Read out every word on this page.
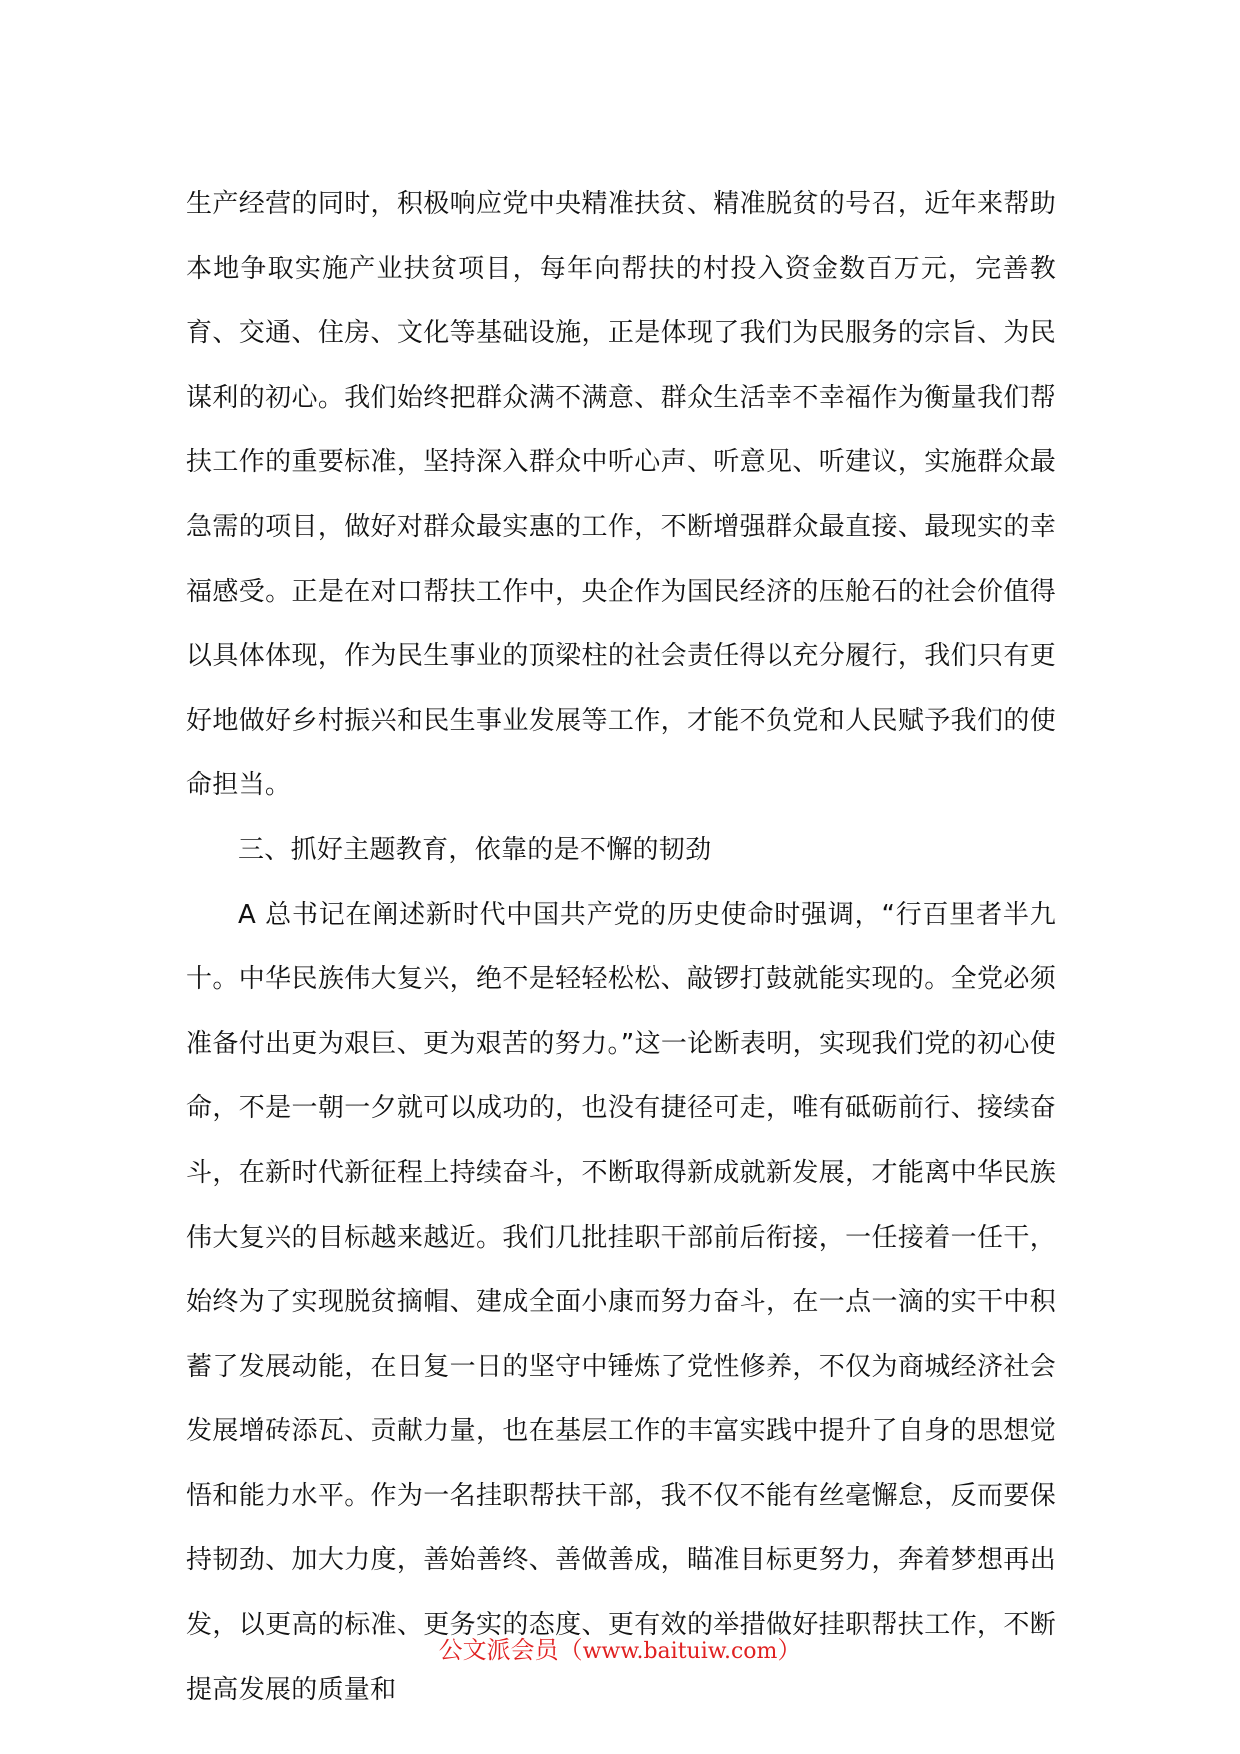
生产经营的同时，积极响应党中央精准扶贫、精准脱贫的号召，近年来帮助本地争取实施产业扶贫项目，每年向帮扶的村投入资金数百万元，完善教育、交通、住房、文化等基础设施，正是体现了我们为民服务的宗旨、为民谋利的初心。我们始终把群众满不满意、群众生活幸不幸福作为衡量我们帮扶工作的重要标准，坚持深入群众中听心声、听意见、听建议，实施群众最急需的项目，做好对群众最实惠的工作，不断增强群众最直接、最现实的幸福感受。正是在对口帮扶工作中，央企作为国民经济的压舱石的社会价值得以具体体现，作为民生事业的顶梁柱的社会责任得以充分履行，我们只有更好地做好乡村振兴和民生事业发展等工作，才能不负党和人民赋予我们的使命担当。

三、抓好主题教育，依靠的是不懈的韧劲

A 总书记在阐述新时代中国共产党的历史使命时强调，“行百里者半九十。中华民族伟大复兴，绝不是轻轻松松、敲锣打鼓就能实现的。全党必须准备付出更为艰巨、更为艰苦的努力。”这一论断表明，实现我们党的初心使命，不是一朝一夕就可以成功的，也没有捷径可走，唯有砥砺前行、接续奋斗，在新时代新征程上持续奋斗，不断取得新成就新发展，才能离中华民族伟大复兴的目标越来越近。我们几批挂职干部前后衔接，一任接着一任干，始终为了实现脱贫摘帽、建成全面小康而努力奋斗，在一点一滴的实干中积蓄了发展动能，在日复一日的坚守中锤炼了党性修养，不仅为商城经济社会发展增砖添瓦、贡献力量，也在基层工作的丰富实践中提升了自身的思想觉悟和能力水平。作为一名挂职帮扶干部，我不仅不能有丝毫懈怠，反而要保持韧劲、加大力度，善始善终、善做善成，瞄准目标更努力，奔着梦想再出发，以更高的标准、更务实的态度、更有效的举措做好挂职帮扶工作，不断提高发展的质量和

公文派会员（www.baituiw.com）
